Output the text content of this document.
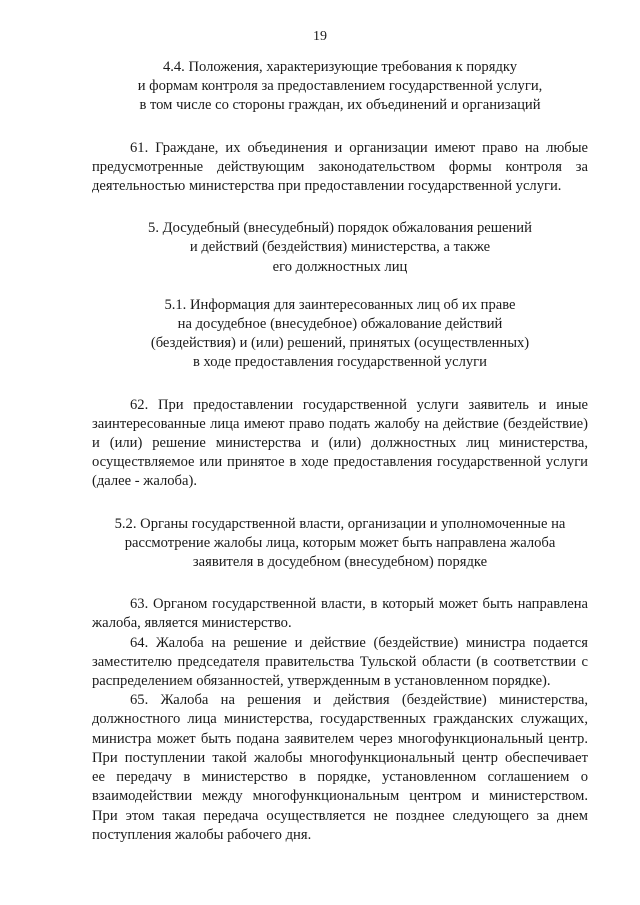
19
4.4. Положения, характеризующие требования к порядку
и формам контроля за предоставлением государственной услуги,
в том числе со стороны граждан, их объединений и организаций
61. Граждане, их объединения и организации имеют право на любые
предусмотренные действующим законодательством формы контроля за
деятельностью министерства при предоставлении государственной услуги.
5. Досудебный (внесудебный) порядок обжалования решений
и действий (бездействия) министерства, а также
его должностных лиц
5.1. Информация для заинтересованных лиц об их праве
на досудебное (внесудебное) обжалование действий
(бездействия) и (или) решений, принятых (осуществленных)
в ходе предоставления государственной услуги
62. При предоставлении государственной услуги заявитель и иные
заинтересованные лица имеют право подать жалобу на действие (бездействие)
и (или) решение министерства и (или) должностных лиц министерства,
осуществляемое или принятое в ходе предоставления государственной услуги
(далее - жалоба).
5.2. Органы государственной власти, организации и уполномоченные на
рассмотрение жалобы лица, которым может быть направлена жалоба
заявителя в досудебном (внесудебном) порядке
63. Органом государственной власти, в который может быть направлена
жалоба, является министерство.
64. Жалоба на решение и действие (бездействие) министра подается
заместителю председателя правительства Тульской области (в соответствии с
распределением обязанностей, утвержденным в установленном порядке).
65. Жалоба на решения и действия (бездействие) министерства,
должностного лица министерства, государственных гражданских служащих,
министра может быть подана заявителем через многофункциональный центр.
При поступлении такой жалобы многофункциональный центр обеспечивает
ее передачу в министерство в порядке, установленном соглашением о
взаимодействии между многофункциональным центром и министерством.
При этом такая передача осуществляется не позднее следующего за днем
поступления жалобы рабочего дня.
